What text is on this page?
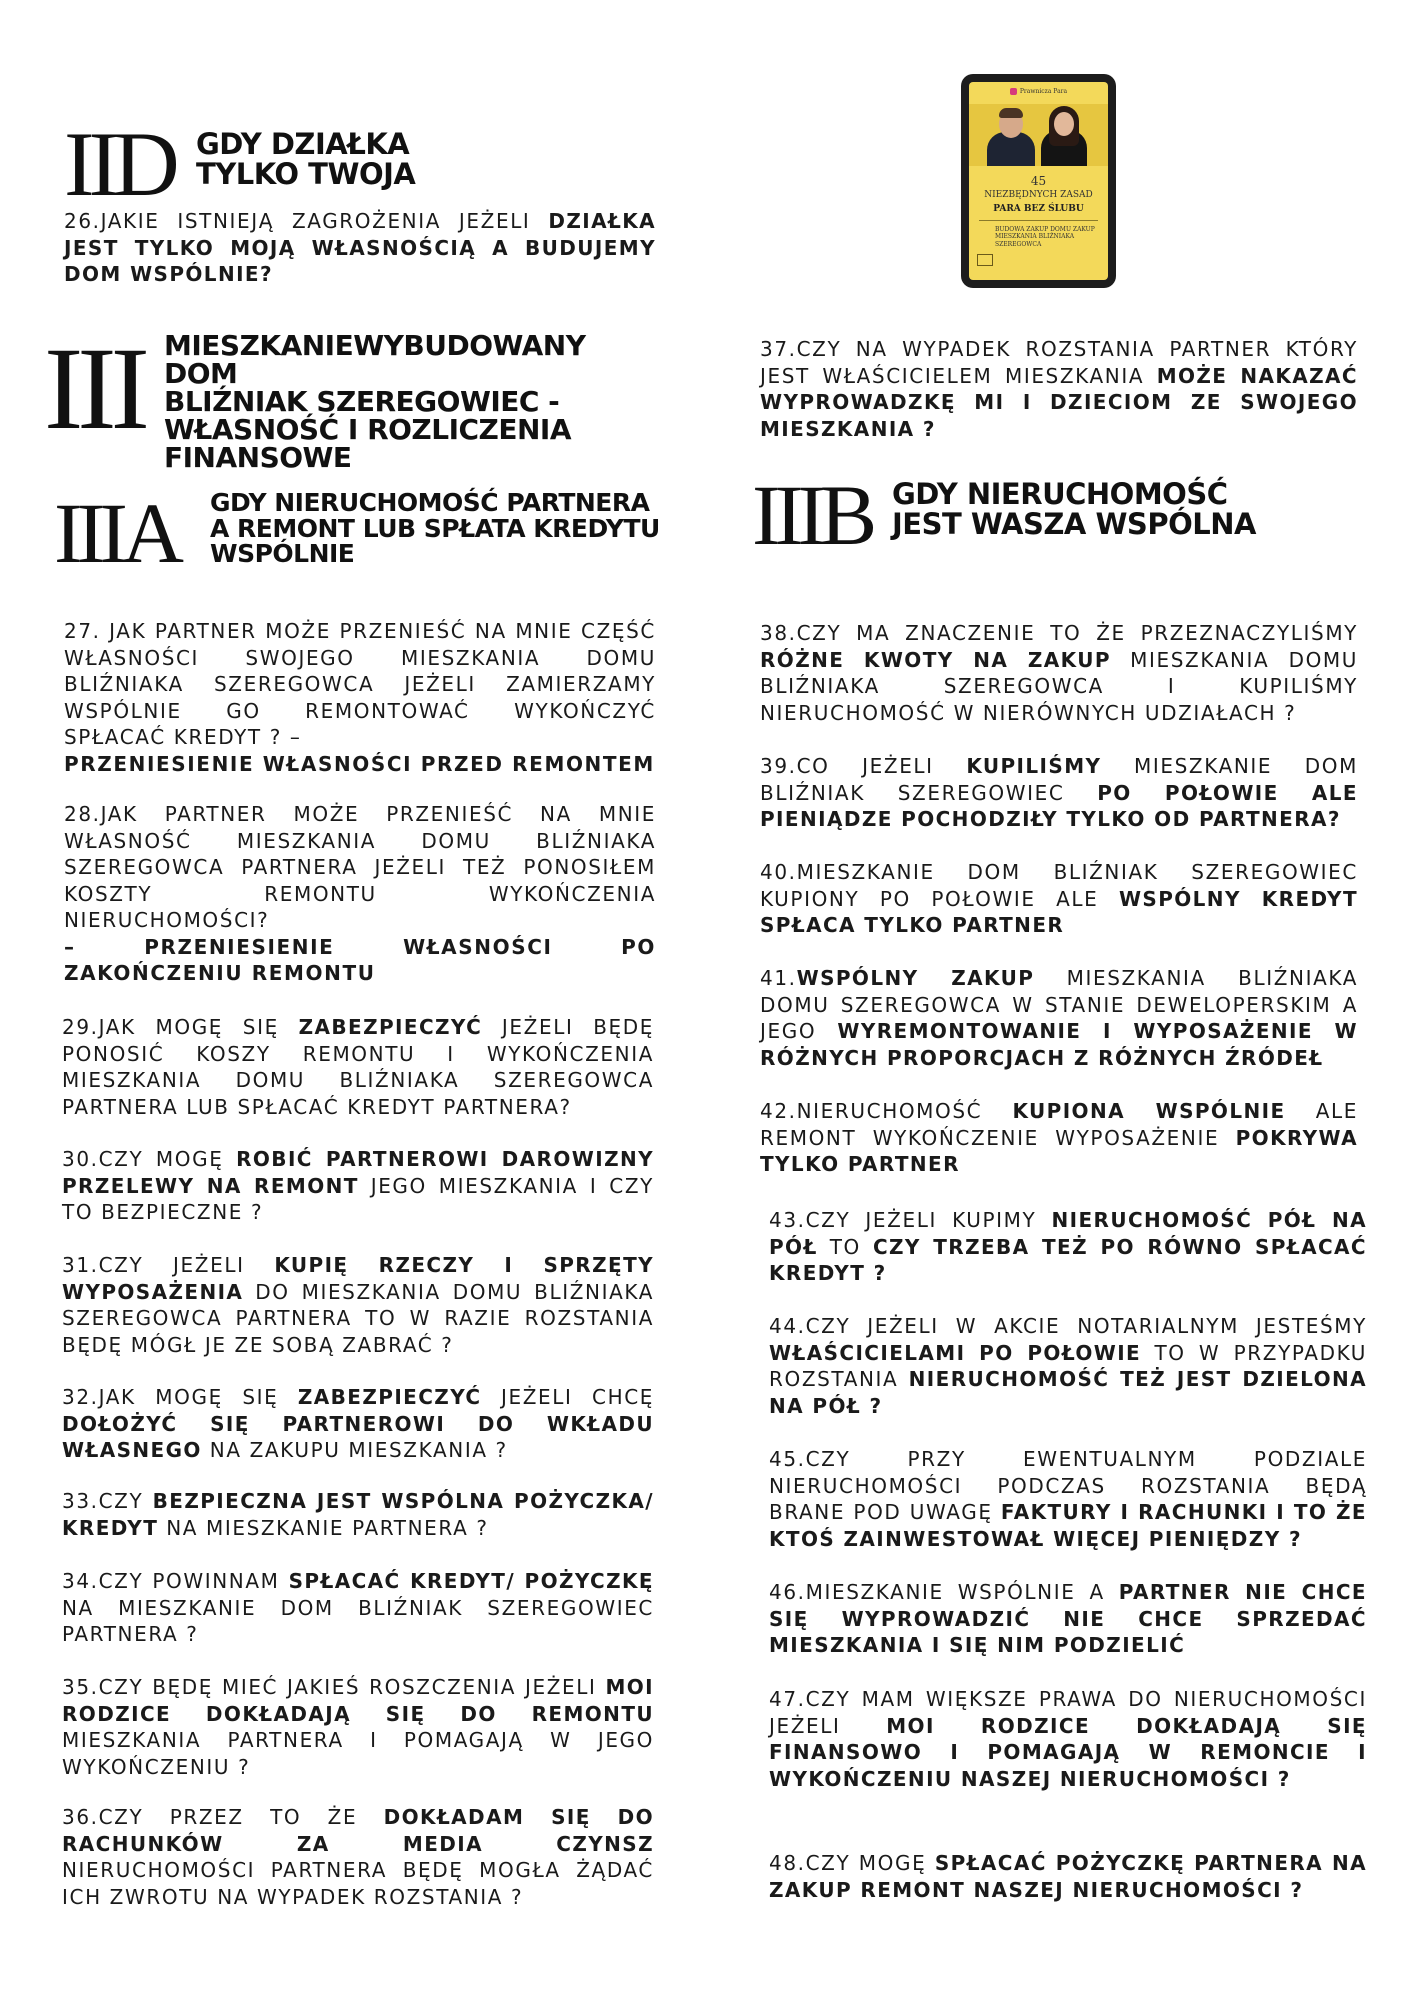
IID GDY DZIAŁKA
TYLKO TWOJA
26.JAKIE ISTNIEJĄ ZAGROŻENIA JEŻELI DZIAŁKA JEST TYLKO MOJĄ WŁASNOŚCIĄ A BUDUJEMY DOM WSPÓLNIE?
Prawnicza Para
45
NIEZBĘDNYCH ZASAD
PARA BEZ ŚLUBU
BUDOWA ZAKUP DOMU ZAKUP MIESZKANIA BLIŹNIAKA SZEREGOWCA
III MIESZKANIEWYBUDOWANY DOM
BLIŹNIAK SZEREGOWIEC -
WŁASNOŚĆ I ROZLICZENIA
FINANSOWE
IIIA GDY NIERUCHOMOŚĆ PARTNERA
A REMONT LUB SPŁATA KREDYTU
WSPÓLNIE	IIIB GDY NIERUCHOMOŚĆ
JEST WASZA WSPÓLNA
27. JAK PARTNER MOŻE PRZENIEŚĆ NA MNIE CZĘŚĆ WŁASNOŚCI SWOJEGO MIESZKANIA DOMU BLIŹNIAKA SZEREGOWCA JEŻELI ZAMIERZAMY WSPÓLNIE GO REMONTOWAĆ WYKOŃCZYĆ SPŁACAĆ KREDYT ? –
PRZENIESIENIE WŁASNOŚCI PRZED REMONTEM
28.JAK PARTNER MOŻE PRZENIEŚĆ NA MNIE WŁASNOŚĆ MIESZKANIA DOMU BLIŹNIAKA SZEREGOWCA PARTNERA JEŻELI TEŻ PONOSIŁEM KOSZTY REMONTU WYKOŃCZENIA NIERUCHOMOŚCI?
– PRZENIESIENIE WŁASNOŚCI PO ZAKOŃCZENIU REMONTU
29.JAK MOGĘ SIĘ ZABEZPIECZYĆ JEŻELI BĘDĘ PONOSIĆ KOSZY REMONTU I WYKOŃCZENIA MIESZKANIA DOMU BLIŹNIAKA SZEREGOWCA PARTNERA LUB SPŁACAĆ KREDYT PARTNERA?
30.CZY MOGĘ ROBIĆ PARTNEROWI DAROWIZNY PRZELEWY NA REMONT JEGO MIESZKANIA I CZY TO BEZPIECZNE ?
31.CZY JEŻELI KUPIĘ RZECZY I SPRZĘTY WYPOSAŻENIA DO MIESZKANIA DOMU BLIŹNIAKA SZEREGOWCA PARTNERA TO W RAZIE ROZSTANIA BĘDĘ MÓGŁ JE ZE SOBĄ ZABRAĆ ?
32.JAK MOGĘ SIĘ ZABEZPIECZYĆ JEŻELI CHCĘ DOŁOŻYĆ SIĘ PARTNEROWI DO WKŁADU WŁASNEGO NA ZAKUPU MIESZKANIA ?
33.CZY BEZPIECZNA JEST WSPÓLNA POŻYCZKA/ KREDYT NA MIESZKANIE PARTNERA ?
34.CZY POWINNAM SPŁACAĆ KREDYT/ POŻYCZKĘ NA MIESZKANIE DOM BLIŹNIAK SZEREGOWIEC PARTNERA ?
35.CZY BĘDĘ MIEĆ JAKIEŚ ROSZCZENIA JEŻELI MOI RODZICE DOKŁADAJĄ SIĘ DO REMONTU MIESZKANIA PARTNERA I POMAGAJĄ W JEGO WYKOŃCZENIU ?
36.CZY PRZEZ TO ŻE DOKŁADAM SIĘ DO RACHUNKÓW ZA MEDIA CZYNSZ NIERUCHOMOŚCI PARTNERA BĘDĘ MOGŁA ŻĄDAĆ ICH ZWROTU NA WYPADEK ROZSTANIA ?
37.CZY NA WYPADEK ROZSTANIA PARTNER KTÓRY JEST WŁAŚCICIELEM MIESZKANIA MOŻE NAKAZAĆ WYPROWADZKĘ MI I DZIECIOM ZE SWOJEGO MIESZKANIA ?
38.CZY MA ZNACZENIE TO ŻE PRZEZNACZYLIŚMY RÓŻNE KWOTY NA ZAKUP MIESZKANIA DOMU BLIŹNIAKA SZEREGOWCA I KUPILIŚMY NIERUCHOMOŚĆ W NIERÓWNYCH UDZIAŁACH ?
39.CO JEŻELI KUPILIŚMY MIESZKANIE DOM BLIŹNIAK SZEREGOWIEC PO POŁOWIE ALE PIENIĄDZE POCHODZIŁY TYLKO OD PARTNERA?
40.MIESZKANIE DOM BLIŹNIAK SZEREGOWIEC KUPIONY PO POŁOWIE ALE WSPÓLNY KREDYT SPŁACA TYLKO PARTNER
41.WSPÓLNY ZAKUP MIESZKANIA BLIŹNIAKA DOMU SZEREGOWCA W STANIE DEWELOPERSKIM A JEGO WYREMONTOWANIE I WYPOSAŻENIE W RÓŻNYCH PROPORCJACH Z RÓŻNYCH ŹRÓDEŁ
42.NIERUCHOMOŚĆ KUPIONA WSPÓLNIE ALE REMONT WYKOŃCZENIE WYPOSAŻENIE POKRYWA TYLKO PARTNER
43.CZY JEŻELI KUPIMY NIERUCHOMOŚĆ PÓŁ NA PÓŁ TO CZY TRZEBA TEŻ PO RÓWNO SPŁACAĆ KREDYT ?
44.CZY JEŻELI W AKCIE NOTARIALNYM JESTEŚMY WŁAŚCICIELAMI PO POŁOWIE TO W PRZYPADKU ROZSTANIA NIERUCHOMOŚĆ TEŻ JEST DZIELONA NA PÓŁ ?
45.CZY PRZY EWENTUALNYM PODZIALE NIERUCHOMOŚCI PODCZAS ROZSTANIA BĘDĄ BRANE POD UWAGĘ FAKTURY I RACHUNKI I TO ŻE KTOŚ ZAINWESTOWAŁ WIĘCEJ PIENIĘDZY ?
46.MIESZKANIE WSPÓLNIE A PARTNER NIE CHCE SIĘ WYPROWADZIĆ NIE CHCE SPRZEDAĆ MIESZKANIA I SIĘ NIM PODZIELIĆ
47.CZY MAM WIĘKSZE PRAWA DO NIERUCHOMOŚCI JEŻELI MOI RODZICE DOKŁADAJĄ SIĘ FINANSOWO I POMAGAJĄ W REMONCIE I WYKOŃCZENIU NASZEJ NIERUCHOMOŚCI ?
48.CZY MOGĘ SPŁACAĆ POŻYCZKĘ PARTNERA NA ZAKUP REMONT NASZEJ NIERUCHOMOŚCI ?
